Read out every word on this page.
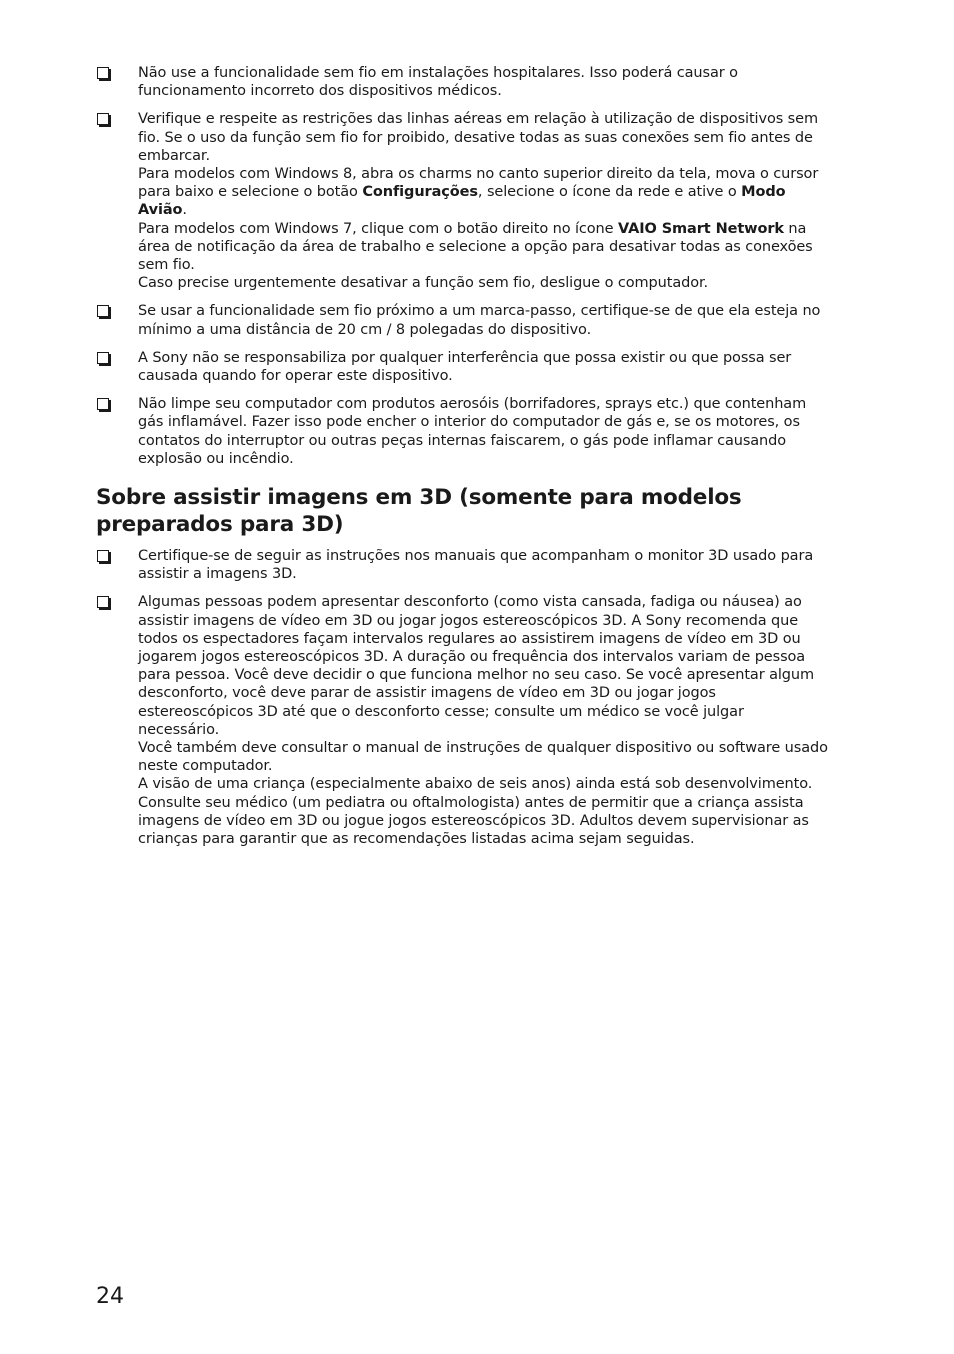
Não use a funcionalidade sem fio em instalações hospitalares. Isso poderá causar o funcionamento incorreto dos dispositivos médicos.

Verifique e respeite as restrições das linhas aéreas em relação à utilização de dispositivos sem fio. Se o uso da função sem fio for proibido, desative todas as suas conexões sem fio antes de embarcar.

Para modelos com Windows 8, abra os charms no canto superior direito da tela, mova o cursor para baixo e selecione o botão Configurações, selecione o ícone da rede e ative o Modo Avião.

Para modelos com Windows 7, clique com o botão direito no ícone VAIO Smart Network na área de notificação da área de trabalho e selecione a opção para desativar todas as conexões sem fio.

Caso precise urgentemente desativar a função sem fio, desligue o computador.

Se usar a funcionalidade sem fio próximo a um marca-passo, certifique-se de que ela esteja no mínimo a uma distância de 20 cm / 8 polegadas do dispositivo.

A Sony não se responsabiliza por qualquer interferência que possa existir ou que possa ser causada quando for operar este dispositivo.

Não limpe seu computador com produtos aerosóis (borrifadores, sprays etc.) que contenham gás inflamável. Fazer isso pode encher o interior do computador de gás e, se os motores, os contatos do interruptor ou outras peças internas faiscarem, o gás pode inflamar causando explosão ou incêndio.

Sobre assistir imagens em 3D (somente para modelos preparados para 3D)

Certifique-se de seguir as instruções nos manuais que acompanham o monitor 3D usado para assistir a imagens 3D.

Algumas pessoas podem apresentar desconforto (como vista cansada, fadiga ou náusea) ao assistir imagens de vídeo em 3D ou jogar jogos estereoscópicos 3D. A Sony recomenda que todos os espectadores façam intervalos regulares ao assistirem imagens de vídeo em 3D ou jogarem jogos estereoscópicos 3D. A duração ou frequência dos intervalos variam de pessoa para pessoa. Você deve decidir o que funciona melhor no seu caso. Se você apresentar algum desconforto, você deve parar de assistir imagens de vídeo em 3D ou jogar jogos estereoscópicos 3D até que o desconforto cesse; consulte um médico se você julgar necessário.

Você também deve consultar o manual de instruções de qualquer dispositivo ou software usado neste computador.

A visão de uma criança (especialmente abaixo de seis anos) ainda está sob desenvolvimento. Consulte seu médico (um pediatra ou oftalmologista) antes de permitir que a criança assista imagens de vídeo em 3D ou jogue jogos estereoscópicos 3D. Adultos devem supervisionar as crianças para garantir que as recomendações listadas acima sejam seguidas.

24
